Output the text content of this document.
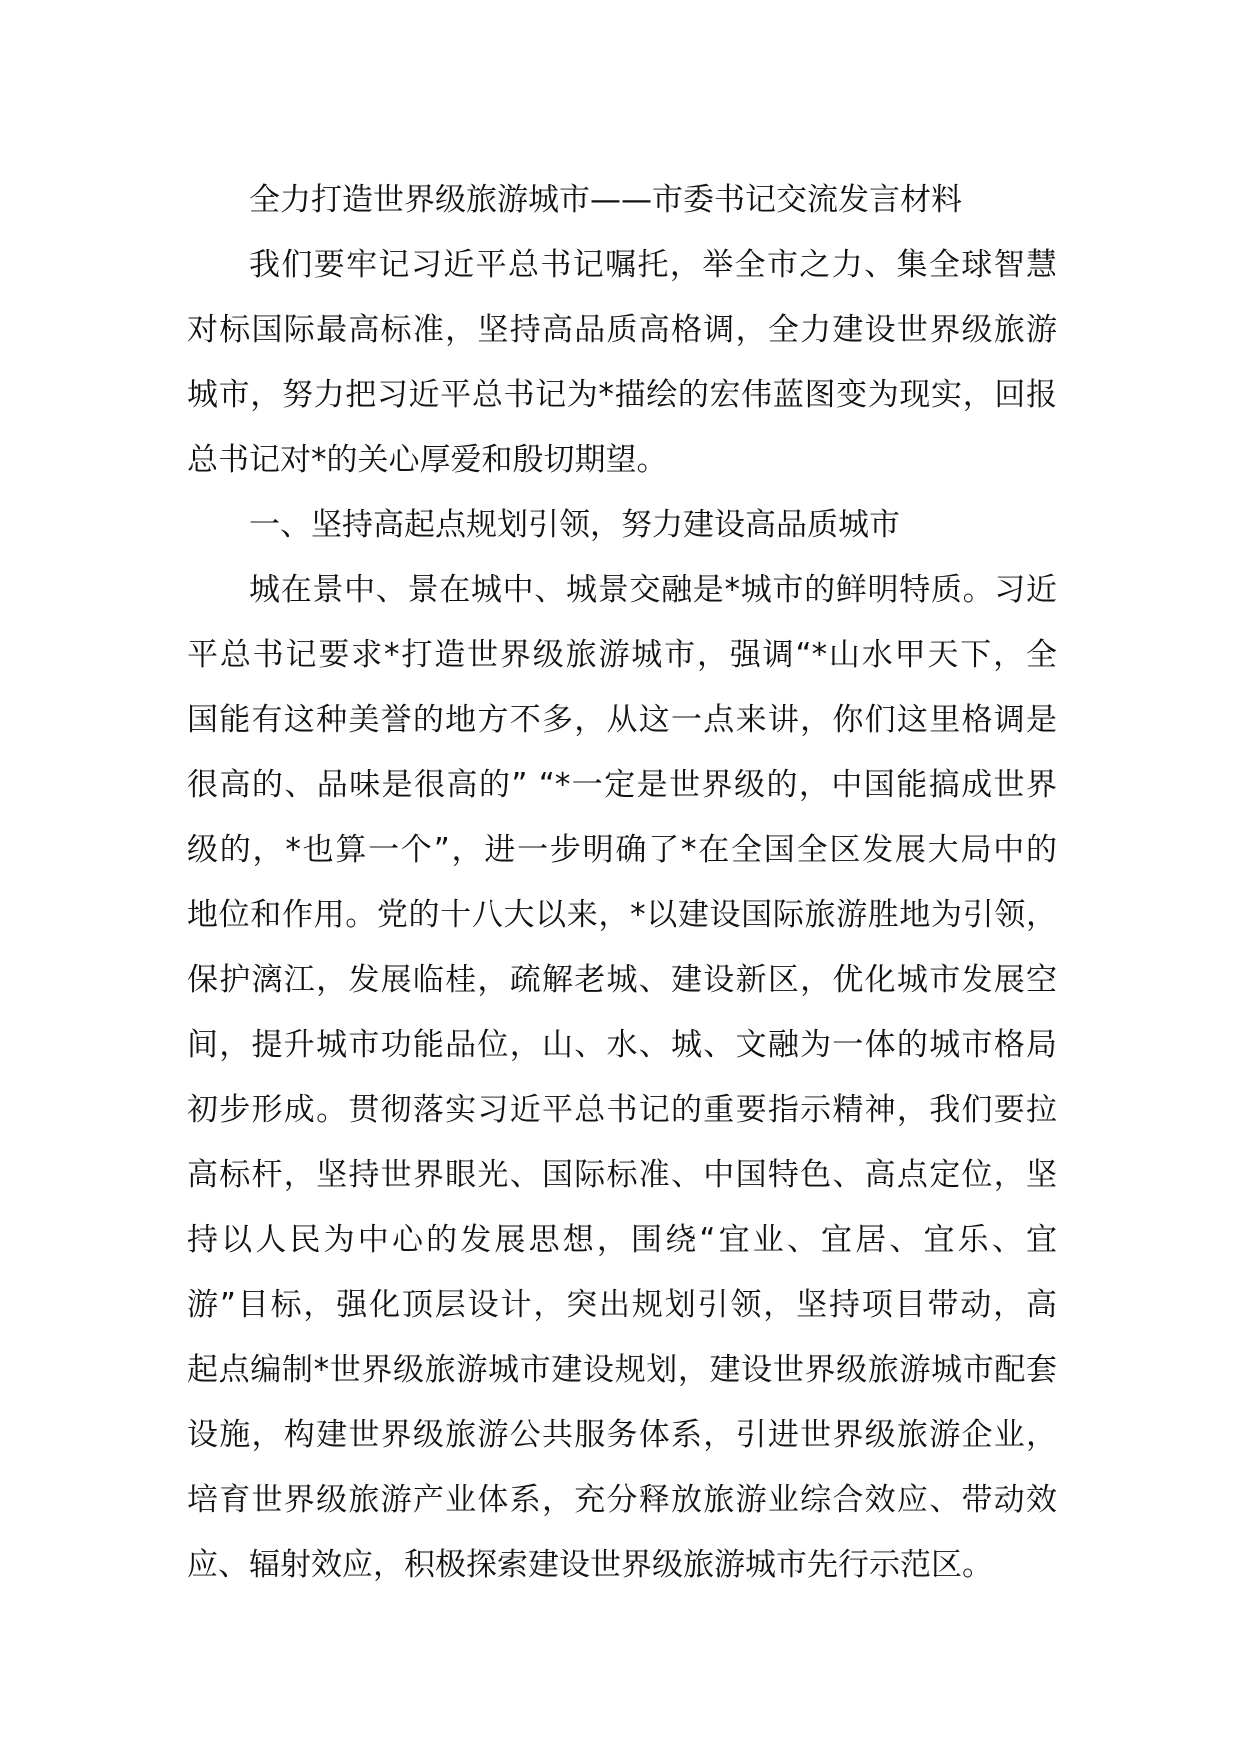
全力打造世界级旅游城市——市委书记交流发言材料
我们要牢记习近平总书记嘱托，举全市之力、集全球智慧
对标国际最高标准，坚持高品质高格调，全力建设世界级旅游
城市，努力把习近平总书记为*描绘的宏伟蓝图变为现实，回报
总书记对*的关心厚爱和殷切期望。
一、坚持高起点规划引领，努力建设高品质城市
城在景中、景在城中、城景交融是*城市的鲜明特质。习近
平总书记要求*打造世界级旅游城市，强调“*山水甲天下，全
国能有这种美誉的地方不多，从这一点来讲，你们这里格调是
很高的、品味是很高的” “*一定是世界级的，中国能搞成世界
级的，*也算一个”，进一步明确了*在全国全区发展大局中的
地位和作用。党的十八大以来，*以建设国际旅游胜地为引领，
保护漓江，发展临桂，疏解老城、建设新区，优化城市发展空
间，提升城市功能品位，山、水、城、文融为一体的城市格局
初步形成。贯彻落实习近平总书记的重要指示精神，我们要拉
高标杆，坚持世界眼光、国际标准、中国特色、高点定位，坚
持以人民为中心的发展思想，围绕“宜业、宜居、宜乐、宜
游”目标，强化顶层设计，突出规划引领，坚持项目带动，高
起点编制*世界级旅游城市建设规划，建设世界级旅游城市配套
设施，构建世界级旅游公共服务体系，引进世界级旅游企业，
培育世界级旅游产业体系，充分释放旅游业综合效应、带动效
应、辐射效应，积极探索建设世界级旅游城市先行示范区。
